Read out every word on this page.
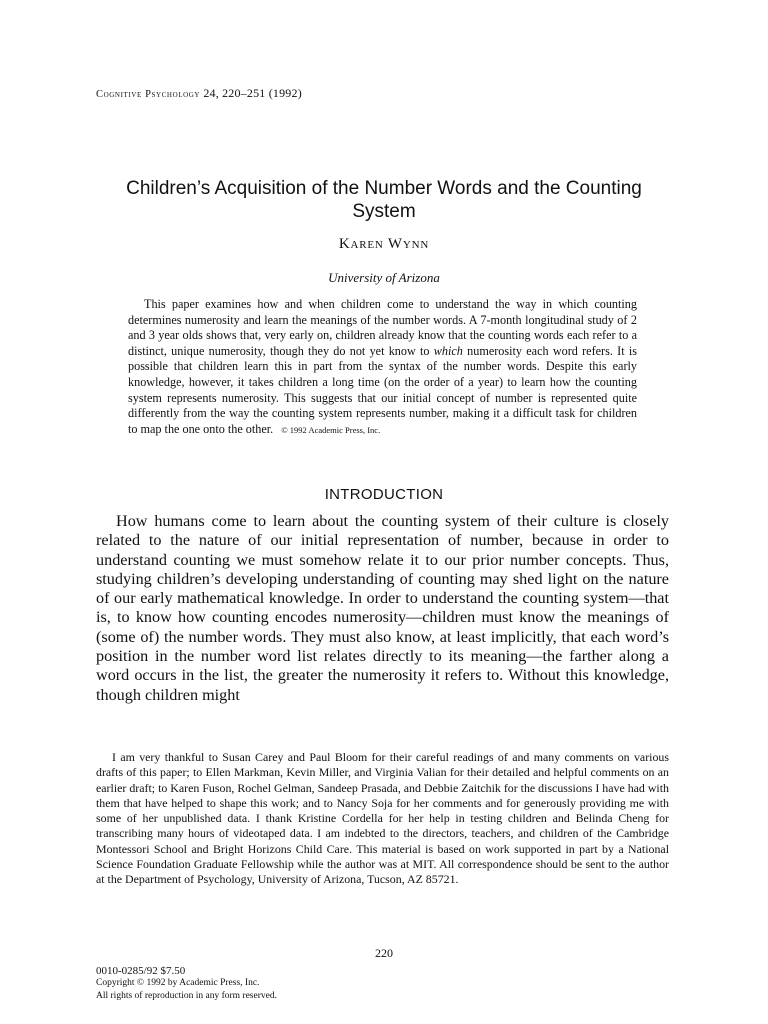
Cognitive Psychology 24, 220–251 (1992)
Children’s Acquisition of the Number Words and the Counting System
Karen Wynn
University of Arizona
This paper examines how and when children come to understand the way in which counting determines numerosity and learn the meanings of the number words. A 7-month longitudinal study of 2 and 3 year olds shows that, very early on, children already know that the counting words each refer to a distinct, unique numerosity, though they do not yet know to which numerosity each word refers. It is possible that children learn this in part from the syntax of the number words. Despite this early knowledge, however, it takes children a long time (on the order of a year) to learn how the counting system represents numerosity. This suggests that our initial concept of number is represented quite differently from the way the counting system represents number, making it a difficult task for children to map the one onto the other. © 1992 Academic Press, Inc.
INTRODUCTION
How humans come to learn about the counting system of their culture is closely related to the nature of our initial representation of number, because in order to understand counting we must somehow relate it to our prior number concepts. Thus, studying children’s developing understanding of counting may shed light on the nature of our early mathematical knowledge. In order to understand the counting system—that is, to know how counting encodes numerosity—children must know the meanings of (some of) the number words. They must also know, at least implicitly, that each word’s position in the number word list relates directly to its meaning—the farther along a word occurs in the list, the greater the numerosity it refers to. Without this knowledge, though children might
I am very thankful to Susan Carey and Paul Bloom for their careful readings of and many comments on various drafts of this paper; to Ellen Markman, Kevin Miller, and Virginia Valian for their detailed and helpful comments on an earlier draft; to Karen Fuson, Rochel Gelman, Sandeep Prasada, and Debbie Zaitchik for the discussions I have had with them that have helped to shape this work; and to Nancy Soja for her comments and for generously providing me with some of her unpublished data. I thank Kristine Cordella for her help in testing children and Belinda Cheng for transcribing many hours of videotaped data. I am indebted to the directors, teachers, and children of the Cambridge Montessori School and Bright Horizons Child Care. This material is based on work supported in part by a National Science Foundation Graduate Fellowship while the author was at MIT. All correspondence should be sent to the author at the Department of Psychology, University of Arizona, Tucson, AZ 85721.
220
0010-0285/92 $7.50
Copyright © 1992 by Academic Press, Inc.
All rights of reproduction in any form reserved.
